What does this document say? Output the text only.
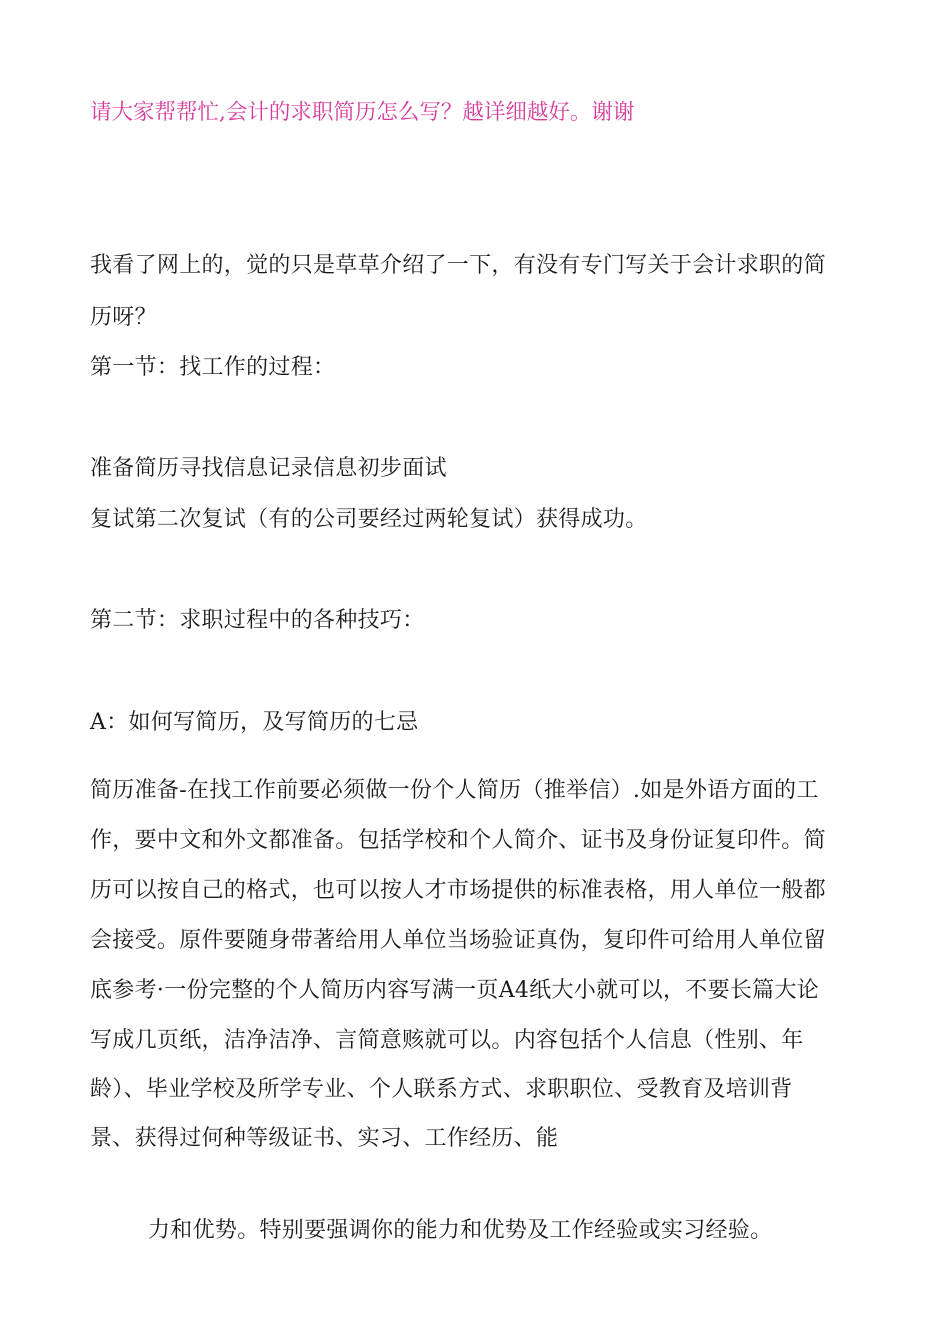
请大家帮帮忙,会计的求职简历怎么写？越详细越好。谢谢

我看了网上的，觉的只是草草介绍了一下，有没有专门写关于会计求职的简

历呀？

第一节：找工作的过程：

准备简历寻找信息记录信息初步面试

复试第二次复试（有的公司要经过两轮复试）获得成功。

第二节：求职过程中的各种技巧：

A：如何写简历，及写简历的七忌

简历准备-在找工作前要必须做一份个人简历（推举信）.如是外语方面的工

作，要中文和外文都准备。包括学校和个人简介、证书及身份证复印件。简

历可以按自己的格式，也可以按人才市场提供的标准表格，用人单位一般都

会接受。原件要随身带著给用人单位当场验证真伪，复印件可给用人单位留

底参考·一份完整的个人简历内容写满一页A4纸大小就可以，不要长篇大论

写成几页纸，洁净洁净、言简意赅就可以。内容包括个人信息（性别、年

龄）、毕业学校及所学专业、个人联系方式、求职职位、受教育及培训背

景、获得过何种等级证书、实习、工作经历、能

力和优势。特别要强调你的能力和优势及工作经验或实习经验。
